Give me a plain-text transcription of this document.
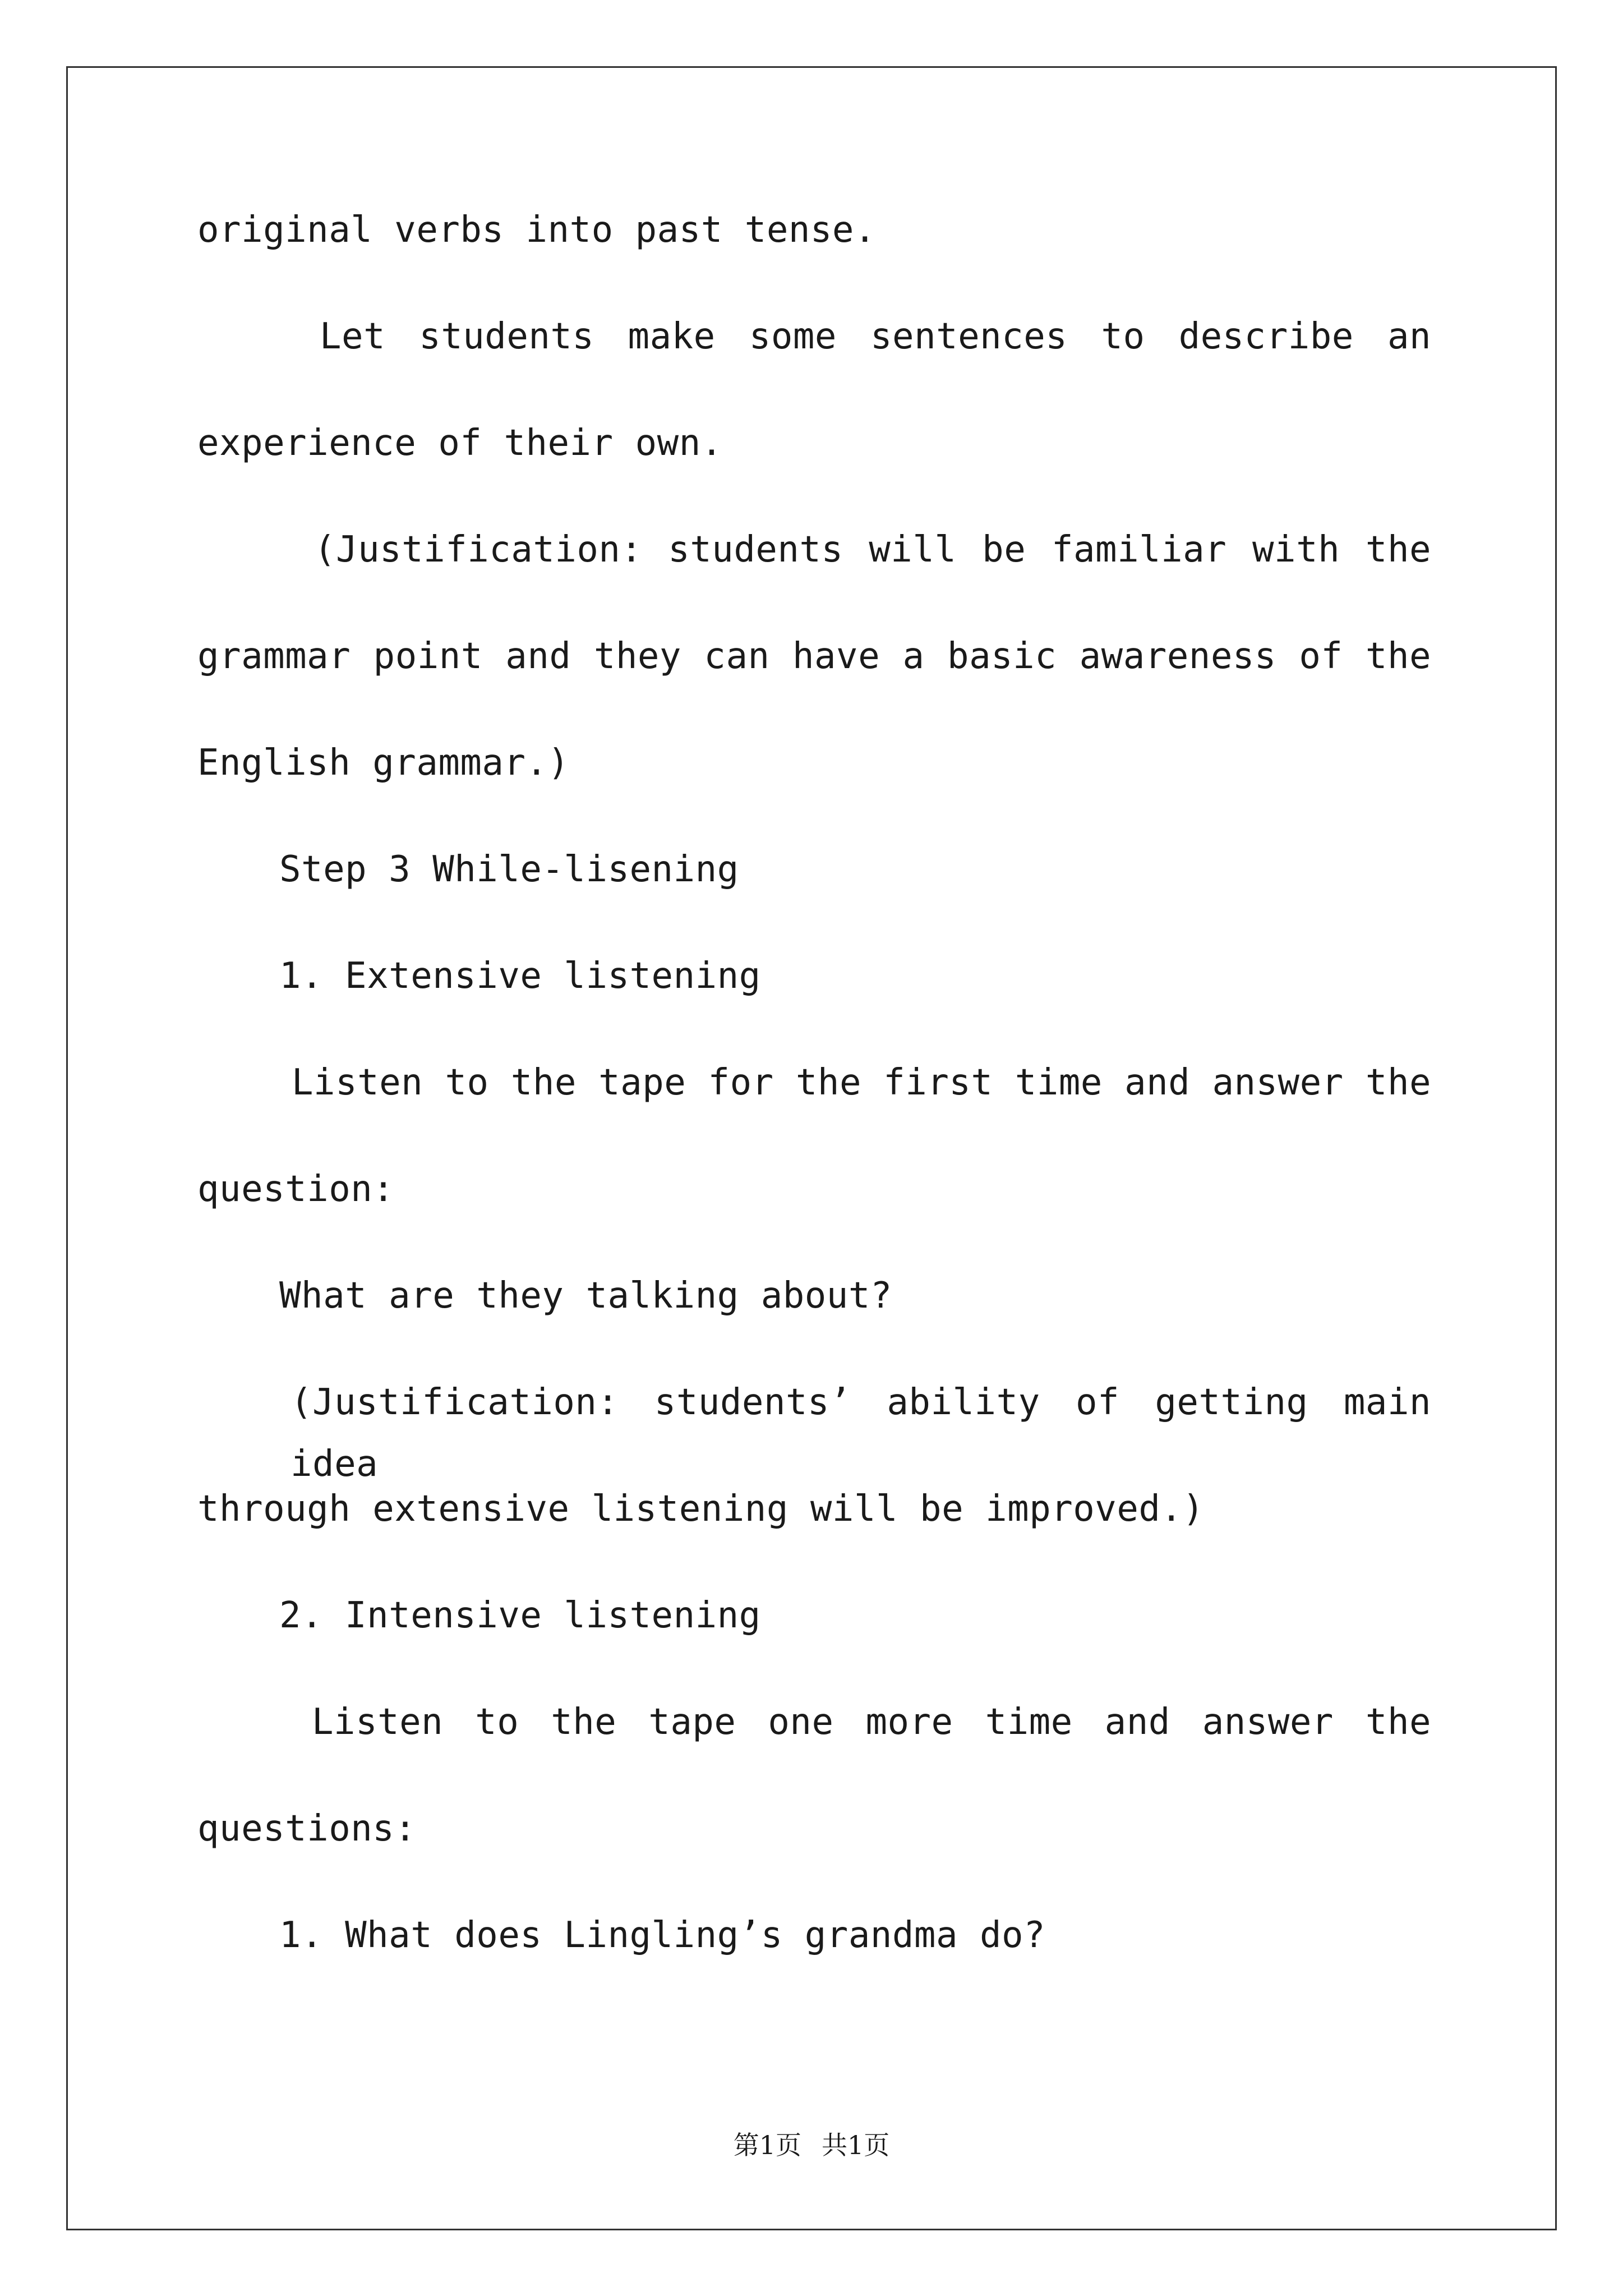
original verbs into past tense.
Let students make some sentences to describe an
experience of their own.
(Justification: students will be familiar with the
grammar point and they can have a basic awareness of the
English grammar.)
Step 3 While-lisening
1. Extensive listening
Listen to the tape for the first time and answer the
question:
What are they talking about?
(Justification: students’ ability of getting main idea
through extensive listening will be improved.)
2. Intensive listening
Listen to the tape one more time and answer the
questions:
1. What does Lingling’s grandma do?
第1页 共1页
